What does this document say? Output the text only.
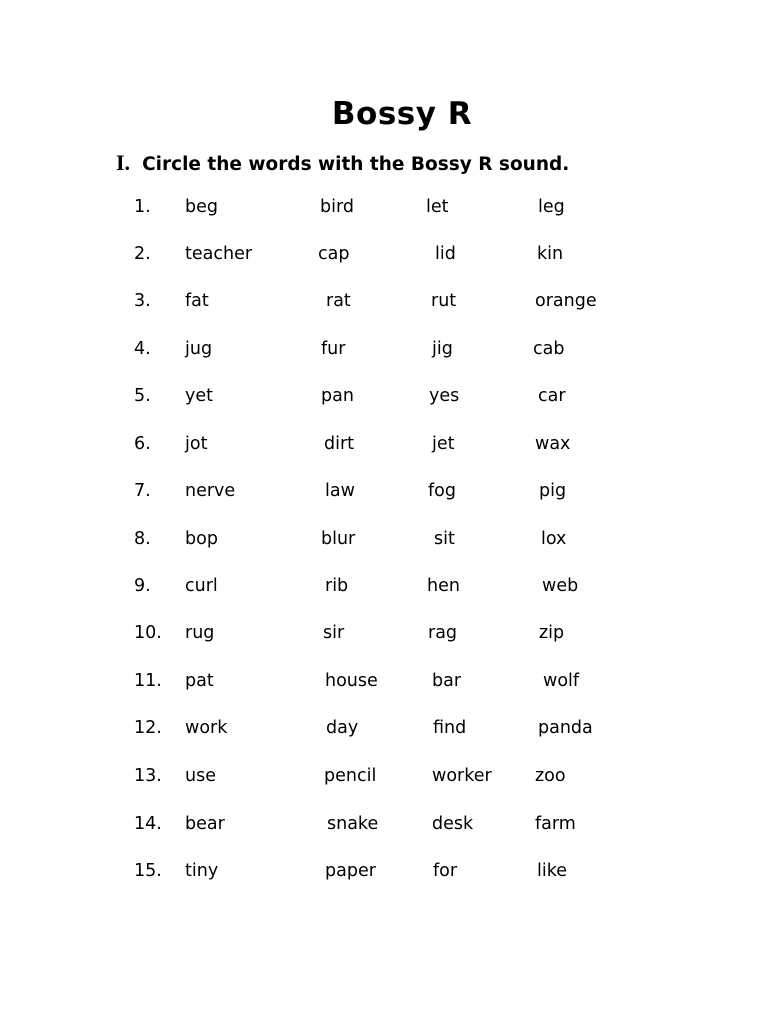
Bossy R
I. Circle the words with the Bossy R sound.
1. beg	bird	let	leg
2. teacher	cap	lid	kin
3. fat	rat	rut	orange
4. jug	fur	jig	cab
5. yet	pan	yes	car
6. jot	dirt	jet	wax
7. nerve	law	fog	pig
8. bop	blur	sit	lox
9. curl	rib	hen	web
10. rug	sir	rag	zip
11. pat	house	bar	wolf
12. work	day	find	panda
13. use	pencil	worker zoo
14. bear	snake	desk	farm
15. tiny	paper	for	like
